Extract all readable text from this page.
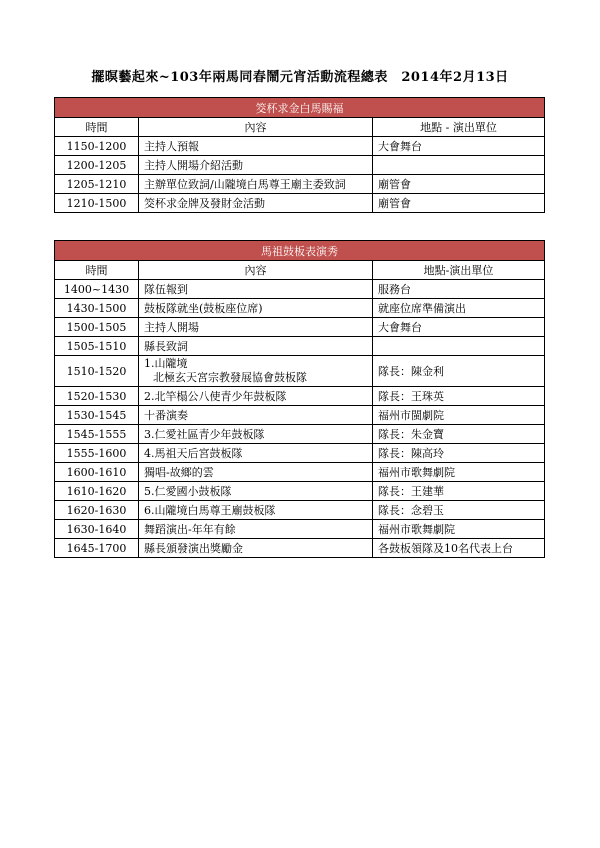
擺暝藝起來~103年兩馬同春鬧元宵活動流程總表　2014年2月13日
筊杯求金白馬賜福		
時間	內容	地點 - 演出單位
1150-1200	主持人預報	大會舞台
1200-1205	主持人開場介紹活動	
1205-1210	主辦單位致詞/山隴境白馬尊王廟主委致詞	廟管會
1210-1500	筊杯求金牌及發財金活動	廟管會
馬祖鼓板表演秀		
時間	內容	地點-演出單位
1400~1430	隊伍報到	服務台
1430-1500	鼓板隊就坐(鼓板座位席)	就座位席準備演出
1500-1505	主持人開場	大會舞台
1505-1510	縣長致詞	
1510-1520	1.山隴境
北極玄天宮宗教發展協會鼓板隊	隊長：陳金利
1520-1530	2.北竿榻公八使青少年鼓板隊	隊長：王珠英
1530-1545	十番演奏	福州市閩劇院
1545-1555	3.仁愛社區青少年鼓板隊	隊長：朱金寶
1555-1600	4.馬祖天后宮鼓板隊	隊長：陳高玲
1600-1610	獨唱-故鄉的雲	福州市歌舞劇院
1610-1620	5.仁愛國小鼓板隊	隊長：王建華
1620-1630	6.山隴境白馬尊王廟鼓板隊	隊長：念碧玉
1630-1640	舞蹈演出-年年有餘	福州市歌舞劇院
1645-1700	縣長頒發演出獎勵金	各鼓板領隊及10名代表上台
